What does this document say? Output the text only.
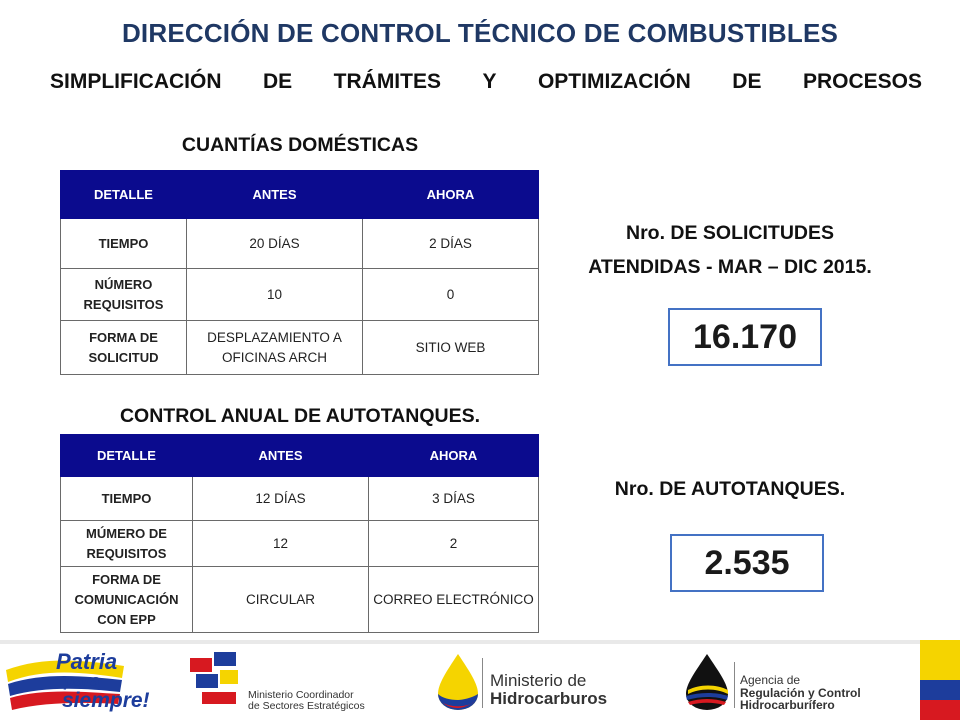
DIRECCIÓN DE CONTROL TÉCNICO DE COMBUSTIBLES
SIMPLIFICACIÓN DE TRÁMITES Y OPTIMIZACIÓN DE PROCESOS
CUANTÍAS DOMÉSTICAS
DETALLE	ANTES	AHORA
TIEMPO	20 DÍAS	2 DÍAS
NÚMERO REQUISITOS	10	0
FORMA DE SOLICITUD	DESPLAZAMIENTO A OFICINAS ARCH	SITIO WEB
CONTROL ANUAL DE AUTOTANQUES.
DETALLE	ANTES	AHORA
TIEMPO	12 DÍAS	3 DÍAS
MÚMERO DE REQUISITOS	12	2
FORMA DE COMUNICACIÓN CON EPP	CIRCULAR	CORREO ELECTRÓNICO
Nro. DE SOLICITUDES
ATENDIDAS - MAR – DIC 2015.
16.170
Nro. DE AUTOTANQUES.
2.535
Patria
para
siempre!	Ministerio Coordinador
de Sectores Estratégicos
Ministerio de
Hidrocarburos
Agencia de
Regulación y Control
Hidrocarburífero
